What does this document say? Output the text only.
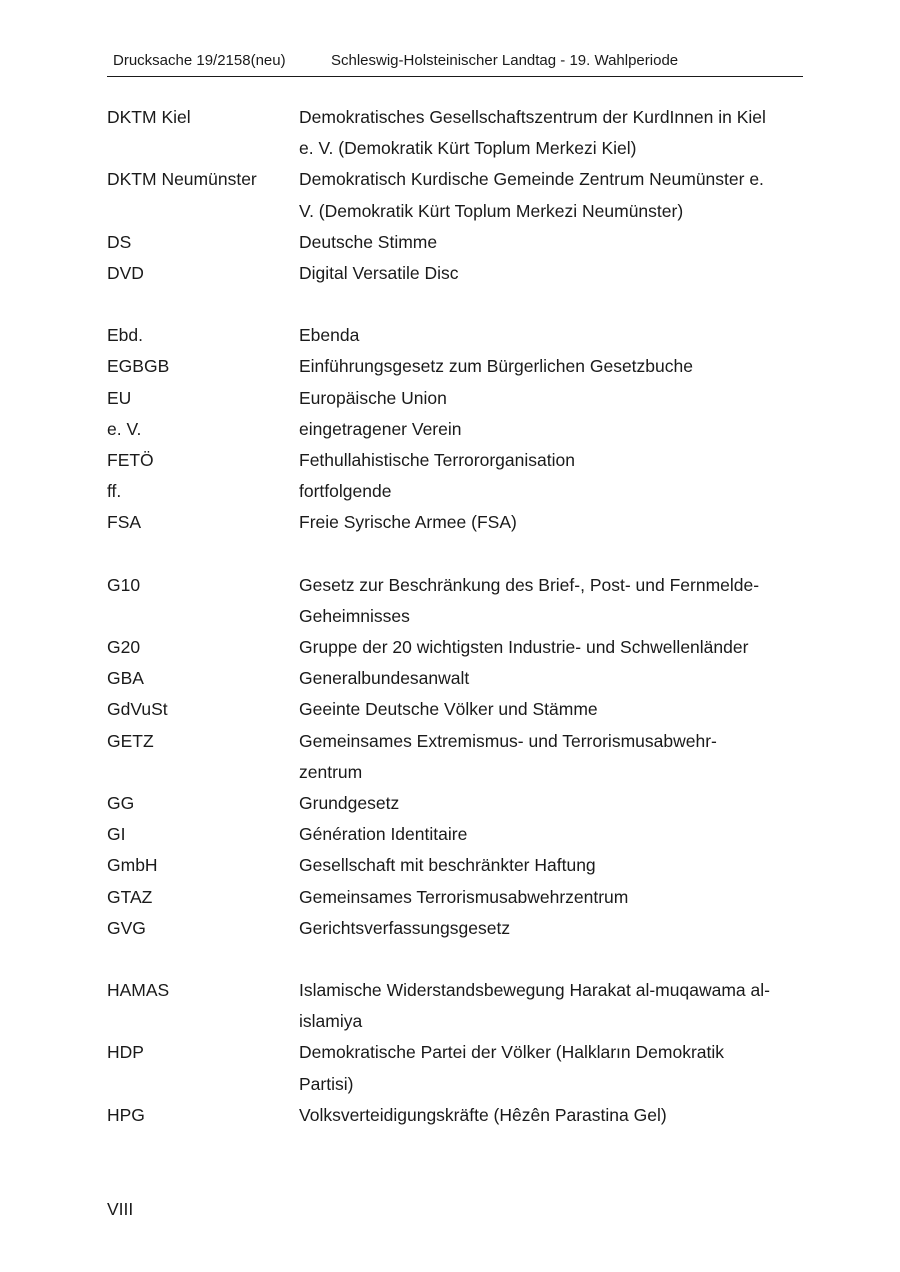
Drucksache 19/2158(neu)	Schleswig-Holsteinischer Landtag - 19. Wahlperiode
DKTM Kiel	Demokratisches Gesellschaftszentrum der KurdInnen in Kiel e. V. (Demokratik Kürt Toplum Merkezi Kiel)
DKTM Neumünster	Demokratisch Kurdische Gemeinde Zentrum Neumünster e. V. (Demokratik Kürt Toplum Merkezi Neumünster)
DS	Deutsche Stimme
DVD	Digital Versatile Disc
Ebd.	Ebenda
EGBGB	Einführungsgesetz zum Bürgerlichen Gesetzbuche
EU	Europäische Union
e. V.	eingetragener Verein
FETÖ	Fethullahistische Terrororganisation
ff.	fortfolgende
FSA	Freie Syrische Armee (FSA)
G10	Gesetz zur Beschränkung des Brief-, Post- und Fernmelde-Geheimnisses
G20	Gruppe der 20 wichtigsten Industrie- und Schwellenländer
GBA	Generalbundesanwalt
GdVuSt	Geeinte Deutsche Völker und Stämme
GETZ	Gemeinsames Extremismus- und Terrorismusabwehr-zentrum
GG	Grundgesetz
GI	Génération Identitaire
GmbH	Gesellschaft mit beschränkter Haftung
GTAZ	Gemeinsames Terrorismusabwehrzentrum
GVG	Gerichtsverfassungsgesetz
HAMAS	Islamische Widerstandsbewegung Harakat al-muqawama al-islamiya
HDP	Demokratische Partei der Völker (Halkların Demokratik Partisi)
HPG	Volksverteidigungskräfte (Hêzên Parastina Gel)
VIII
